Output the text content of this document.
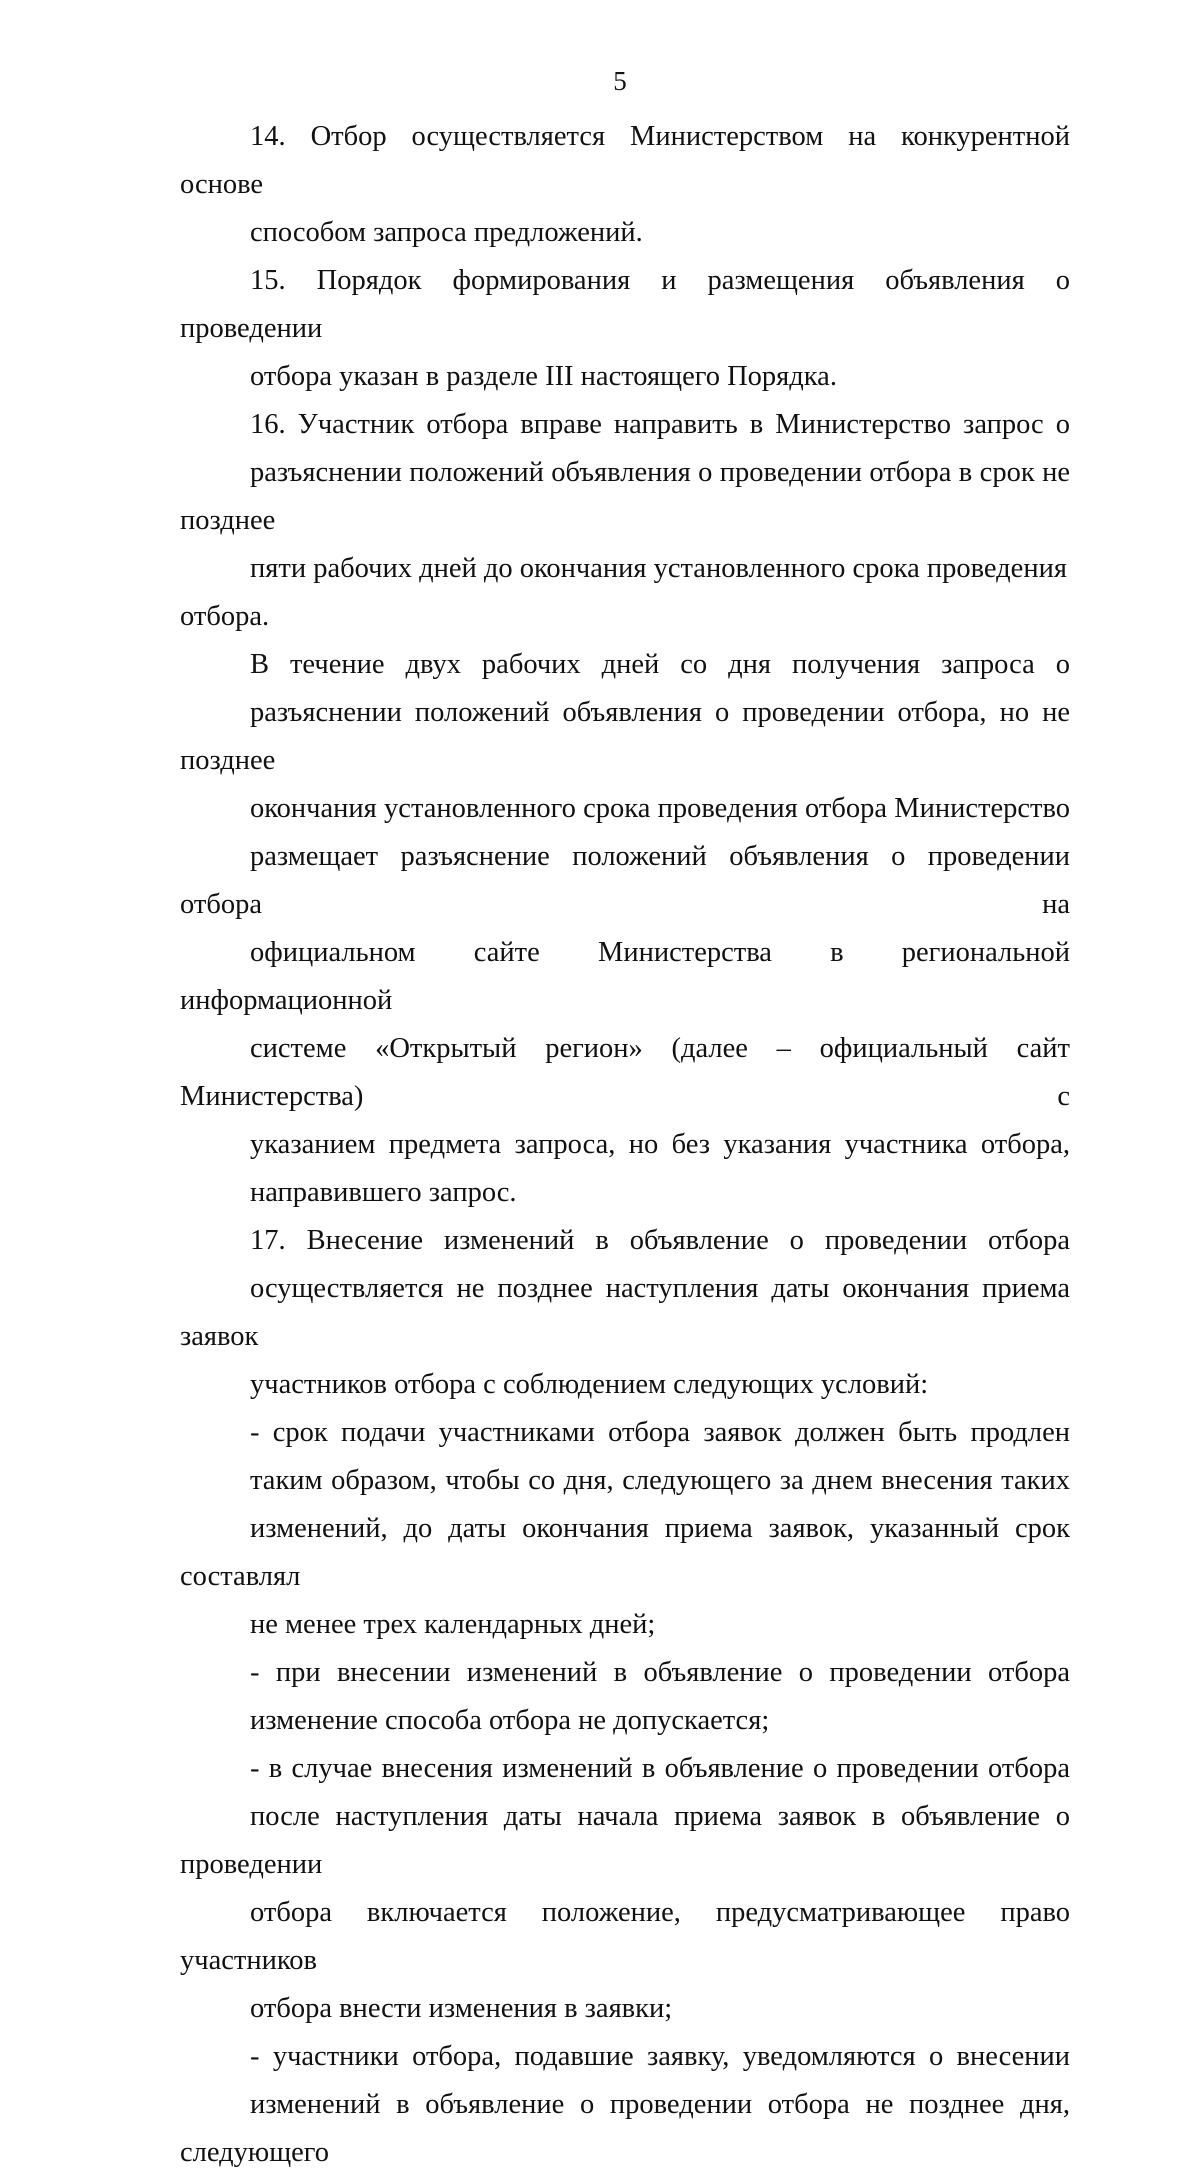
5
14. Отбор осуществляется Министерством на конкурентной основе
способом запроса предложений.
15. Порядок формирования и размещения объявления о проведении
отбора указан в разделе III настоящего Порядка.
16. Участник отбора вправе направить в Министерство запрос о
разъяснении положений объявления о проведении отбора в срок не позднее
пяти рабочих дней до окончания установленного срока проведения отбора.
В течение двух рабочих дней со дня получения запроса о
разъяснении положений объявления о проведении отбора, но не позднее
окончания установленного срока проведения отбора Министерство
размещает разъяснение положений объявления о проведении отбора на
официальном сайте Министерства в региональной информационной
системе «Открытый регион» (далее – официальный сайт Министерства) с
указанием предмета запроса, но без указания участника отбора,
направившего запрос.
17. Внесение изменений в объявление о проведении отбора
осуществляется не позднее наступления даты окончания приема заявок
участников отбора с соблюдением следующих условий:
- срок подачи участниками отбора заявок должен быть продлен
таким образом, чтобы со дня, следующего за днем внесения таких
изменений, до даты окончания приема заявок, указанный срок составлял
не менее трех календарных дней;
- при внесении изменений в объявление о проведении отбора
изменение способа отбора не допускается;
- в случае внесения изменений в объявление о проведении отбора
после наступления даты начала приема заявок в объявление о проведении
отбора включается положение, предусматривающее право участников
отбора внести изменения в заявки;
- участники отбора, подавшие заявку, уведомляются о внесении
изменений в объявление о проведении отбора не позднее дня, следующего
